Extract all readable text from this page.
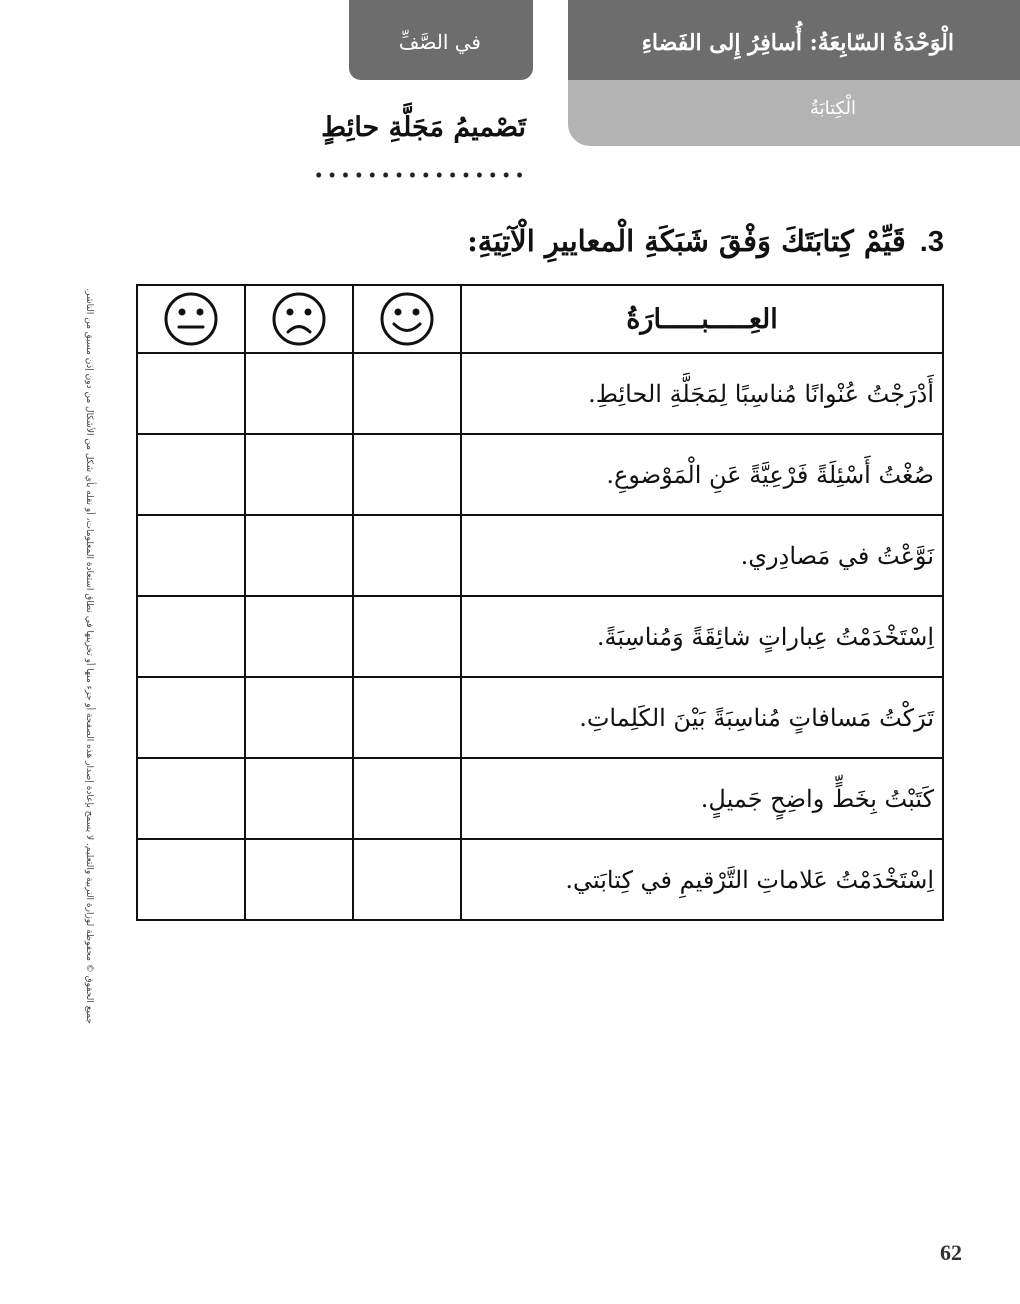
الْوَحْدَةُ السّابِعَةُ: أُسافِرُ إِلى الفَضاءِ
الْكِتابَةُ
في الصَّفِّ
تَصْميمُ مَجَلَّةِ حائِطٍ
3.قَيِّمْ كِتابَتَكَ وَفْقَ شَبَكَةِ الْمعاييرِ الْآتِيَةِ:
العِـــــبـــــارَةُ	

أَدْرَجْتُ عُنْوانًا مُناسِبًا لِمَجَلَّةِ الحائِطِ.			
صُغْتُ أَسْئِلَةً فَرْعِيَّةً عَنِ الْمَوْضوعِ.			
نَوَّعْتُ في مَصادِري.			
اِسْتَخْدَمْتُ عِباراتٍ شائِقَةً وَمُناسِبَةً.			
تَرَكْتُ مَسافاتٍ مُناسِبَةً بَيْنَ الكَلِماتِ.			
كَتَبْتُ بِخَطٍّ واضِحٍ جَميلٍ.			
اِسْتَخْدَمْتُ عَلاماتِ التَّرْقيمِ في كِتابَتي.			
جميع الحقوق © محفوظة لوزارة التربية والتعليم. لا يسمح بإعادة إصدار هذه الصفحة أو جزء منها أو تخزينها في نطاق استعادة المعلومات، أو نقله بأي شكل من الأشكال من دون إذن مسبق من الناشر.
62
